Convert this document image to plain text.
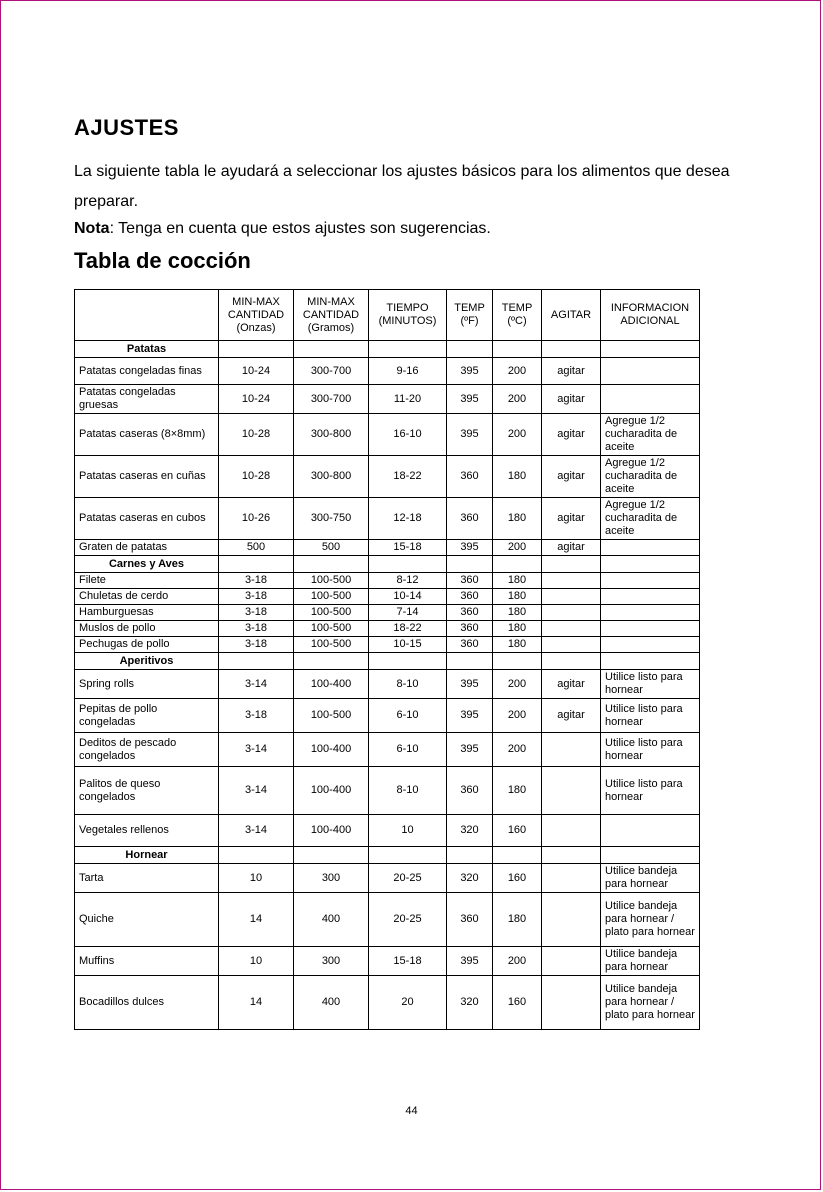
AJUSTES
La siguiente tabla le ayudará a seleccionar los ajustes básicos para los alimentos que desea preparar.
Nota: Tenga en cuenta que estos ajustes son sugerencias.
Tabla de cocción
	MIN-MAX CANTIDAD (Onzas)	MIN-MAX CANTIDAD (Gramos)	TIEMPO (MINUTOS)	TEMP (ºF)	TEMP (ºC)	AGITAR	INFORMACION ADICIONAL
Patatas							
Patatas congeladas finas	10-24	300-700	9-16	395	200	agitar	
Patatas congeladas gruesas	10-24	300-700	11-20	395	200	agitar	
Patatas caseras (8×8mm)	10-28	300-800	16-10	395	200	agitar	Agregue 1/2 cucharadita de aceite
Patatas caseras en cuñas	10-28	300-800	18-22	360	180	agitar	Agregue 1/2 cucharadita de aceite
Patatas caseras en cubos	10-26	300-750	12-18	360	180	agitar	Agregue 1/2 cucharadita de aceite
Graten de patatas	500	500	15-18	395	200	agitar	
Carnes y Aves							
Filete	3-18	100-500	8-12	360	180		
Chuletas de cerdo	3-18	100-500	10-14	360	180		
Hamburguesas	3-18	100-500	7-14	360	180		
Muslos de pollo	3-18	100-500	18-22	360	180		
Pechugas de pollo	3-18	100-500	10-15	360	180		
Aperitivos							
Spring rolls	3-14	100-400	8-10	395	200	agitar	Utilice listo para hornear
Pepitas de pollo congeladas	3-18	100-500	6-10	395	200	agitar	Utilice listo para hornear
Deditos de pescado congelados	3-14	100-400	6-10	395	200		Utilice listo para hornear
Palitos de queso congelados	3-14	100-400	8-10	360	180		Utilice listo para hornear
Vegetales rellenos	3-14	100-400	10	320	160		
Hornear							
Tarta	10	300	20-25	320	160		Utilice bandeja para hornear
Quiche	14	400	20-25	360	180		Utilice bandeja para hornear / plato para hornear
Muffins	10	300	15-18	395	200		Utilice bandeja para hornear
Bocadillos dulces	14	400	20	320	160		Utilice bandeja para hornear / plato para hornear
44
